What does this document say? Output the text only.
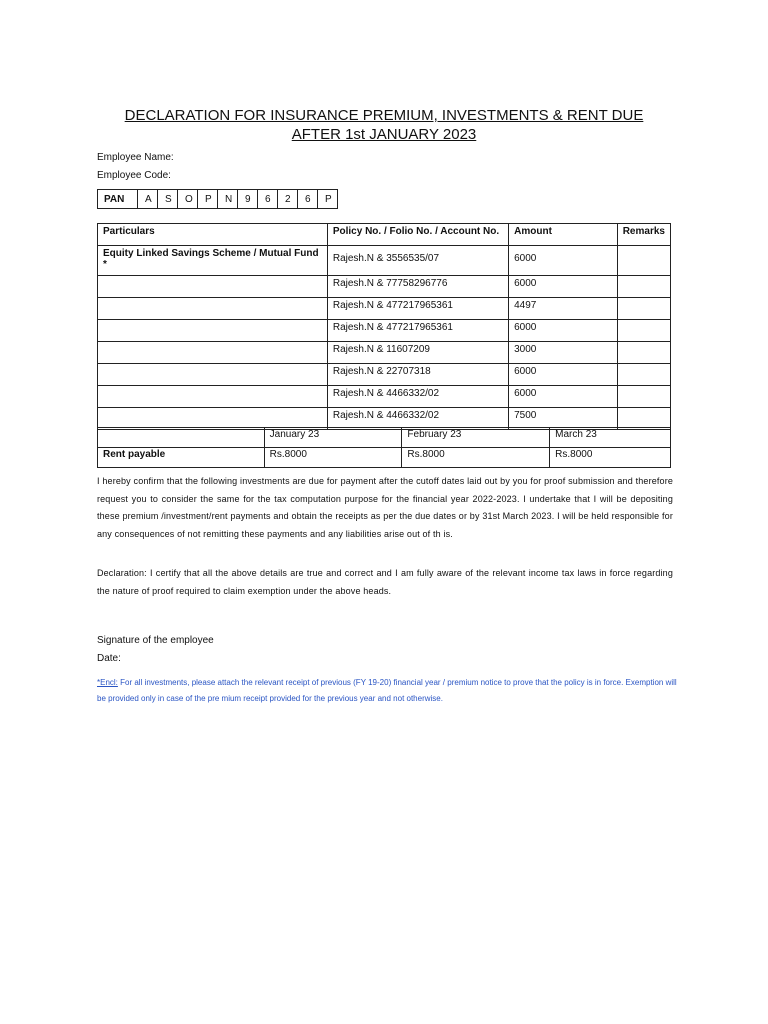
DECLARATION FOR INSURANCE PREMIUM, INVESTMENTS & RENT DUE
AFTER 1st JANUARY 2023
Employee Name:
Employee Code:
PAN	A	S	O	P	N	9	6	2	6	P
Particulars	Policy No. / Folio No. / Account No.	Amount	Remarks
Equity Linked Savings Scheme / Mutual Fund *	Rajesh.N & 3556535/07	6000	
	Rajesh.N & 77758296776	6000	
	Rajesh.N & 477217965361	4497	
	Rajesh.N & 477217965361	6000	
	Rajesh.N & 11607209	3000	
	Rajesh.N & 22707318	6000	
	Rajesh.N & 4466332/02	6000	
	Rajesh.N & 4466332/02	7500	
	January 23	February 23	March 23
Rent payable	Rs.8000	Rs.8000	Rs.8000
I hereby confirm that the following investments are due for payment after the cutoff dates laid out by you for proof submission and therefore request you to consider the same for the tax computation purpose for the financial year 2022-2023. I undertake that I will be depositing these premium /investment/rent payments and obtain the receipts as per the due dates or by 31st March 2023. I will be held responsible for any consequences of not remitting these payments and any liabilities arise out of th is.
Declaration: I certify that all the above details are true and correct and I am fully aware of the relevant income tax laws in force regarding the nature of proof required to claim exemption under the above heads.
Signature of the employee
Date:
*Encl: For all investments, please attach the relevant receipt of previous (FY 19-20) financial year / premium notice to prove that the policy is in force. Exemption will be provided only in case of the pre mium receipt provided for the previous year and not otherwise.
